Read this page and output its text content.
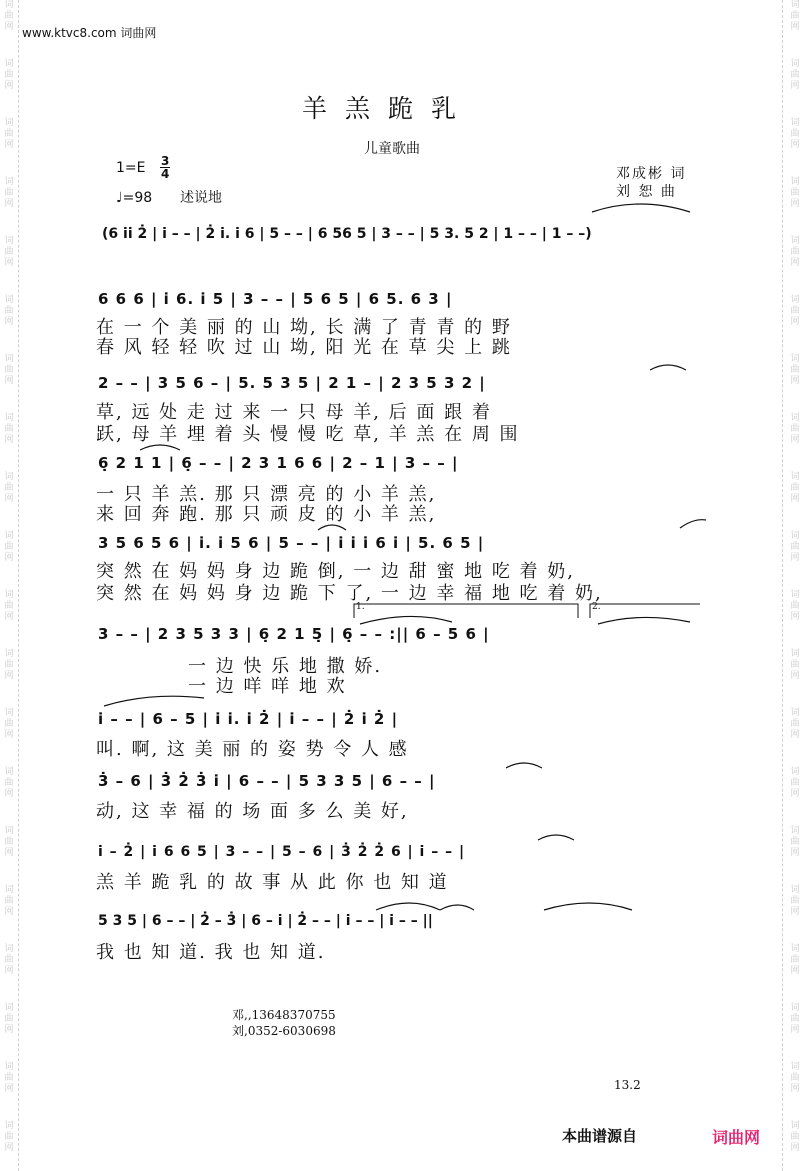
词
曲
网
词
曲
网
词
曲
网
词
曲
网
词
曲
网
词
曲
网
词
曲
网
词
曲
网
词
曲
网
词
曲
网
词
曲
网
词
曲
网
词
曲
网
词
曲
网
词
曲
网
词
曲
网
词
曲
网
词
曲
网
词
曲
网
词
曲
网
词
曲
网
词
曲
网
词
曲
网
词
曲
网
词
曲
网
词
曲
网
词
曲
网
词
曲
网
词
曲
网
词
曲
网
词
曲
网
词
曲
网
词
曲
网
词
曲
网
词
曲
网
词
曲
网
词
曲
网
词
曲
网
词
曲
网
词
曲
网
www.ktvc8.com 词曲网
羊羔跪乳
儿童歌曲
$1=E \frac{3}{4}$
♩=98 述说地
邓成彬 词
刘 恕 曲
(6 i̇i̇ 2̇ | i̇ – – | 2̇ i̇. i̇ 6 | 5 – – | 6 56 5 | 3 – – | 5 3. 5 2 | 1 – – | 1 – –)
6 6 6 | i̇ 6. i̇ 5 | 3 – – | 5 6 5 | 6 5. 6 3 |
在 一 个 美 丽 的 山 坳, 长 满 了 青 青 的 野
春 风 轻 轻 吹 过 山 坳, 阳 光 在 草 尖 上 跳
2 – – | 3 5 6 – | 5. 5 3 5 | 2 1 – | 2 3 5 3 2 |
草, 远 处 走 过 来 一 只 母 羊, 后 面 跟 着
跃, 母 羊 埋 着 头 慢 慢 吃 草, 羊 羔 在 周 围
6̣ 2 1 1 | 6̣ – – | 2 3 1 6 6 | 2 – 1 | 3 – – |
一 只 羊 羔. 那 只 漂 亮 的 小 羊 羔,
来 回 奔 跑. 那 只 顽 皮 的 小 羊 羔,
3 5 6 5 6 | i̇. i̇ 5 6 | 5 – – | i̇ i̇ i̇ 6 i̇ | 5. 6 5 |
突 然 在 妈 妈 身 边 跪 倒, 一 边 甜 蜜 地 吃 着 奶,
突 然 在 妈 妈 身 边 跪 下 了, 一 边 幸 福 地 吃 着 奶,
1.	2.
3 – – | 2 3 5 3 3 | 6̣ 2 1 5̣ | 6̣ – – :|| 6 – 5 6 |
一 边 快 乐 地 撒 娇.
一 边 咩 咩 地 欢
i̇ – – | 6 – 5 | i̇ i̇. i̇ 2̇ | i̇ – – | 2̇ i̇ 2̇ |
叫. 啊, 这 美 丽 的 姿 势 令 人 感
3̇ – 6 | 3̇ 2̇ 3̇ i̇ | 6 – – | 5 3 3 5 | 6 – – |
动, 这 幸 福 的 场 面 多 么 美 好,
i̇ – 2̇ | i̇ 6 6 5 | 3 – – | 5 – 6 | 3̇ 2̇ 2̇ 6 | i̇ – – |
羔 羊 跪 乳 的 故 事 从 此 你 也 知 道
5 3 5 | 6 – – | 2̇ – 3̇ | 6 – i̇ | 2̇ – – | i̇ – – | i̇ – – ||
我 也 知 道. 我 也 知 道.
邓,,13648370755
刘,0352-6030698
13.2
本曲谱源自	词曲网
